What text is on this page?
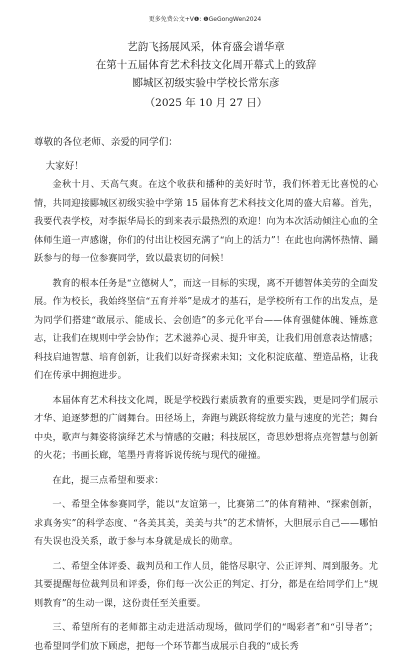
更多免费公文+V❶: ❶GeGongWen2024
艺韵飞扬展风采，体育盛会谱华章
在第十五届体育艺术科技文化周开幕式上的致辞
郾城区初级实验中学校长常东彦
（2025 年 10 月 27 日）
尊敬的各位老师、亲爱的同学们：
大家好！

金秋十月、天高气爽。在这个收获和播种的美好时节，我们怀着无比喜悦的心情，共同迎接郾城区初级实验中学第 15 届体育艺术科技文化周的盛大启幕。首先，我要代表学校，对李振华局长的到来表示最热烈的欢迎！向为本次活动倾注心血的全体师生道一声感谢，你们的付出让校园充满了“向上的活力”！在此也向满怀热情、踊跃参与的每一位参赛同学，致以最衷切的问候！

教育的根本任务是“立德树人”，而这一目标的实现，离不开德智体美劳的全面发展。作为校长，我始终坚信“五育并举”是成才的基石，是学校所有工作的出发点，是为同学们搭建“敢展示、能成长、会创造”的多元化平台——体育强健体魄、锤炼意志，让我们在规则中学会协作；艺术滋养心灵、提升审美，让我们用创意表达情感；科技启迪智慧、培育创新，让我们以好奇探索未知；文化积淀底蕴、塑造品格，让我们在传承中拥抱进步。

本届体育艺术科技文化周，既是学校践行素质教育的重要实践，更是同学们展示才华、追逐梦想的广阔舞台。田径场上，奔跑与跳跃将绽放力量与速度的光芒；舞台中央，歌声与舞姿将演绎艺术与情感的交融；科技展区，奇思妙想将点亮智慧与创新的火花；书画长廊，笔墨丹青将诉说传统与现代的碰撞。

在此，提三点希望和要求：

一、希望全体参赛同学，能以“友谊第一，比赛第二”的体育精神、“探索创新，求真务实”的科学态度、“各美其美，美美与共”的艺术情怀，大胆展示自己——哪怕有失误也没关系，敢于参与本身就是成长的勋章。

二、希望全体评委、裁判员和工作人员，能恪尽职守、公正评判、周到服务。尤其要提醒每位裁判员和评委，你们每一次公正的判定、打分，都是在给同学们上“规则教育”的生动一课，这份责任至关重要。

三、希望所有的老师都主动走进活动现场，做同学们的“喝彩者”和“引导者”；也希望同学们放下顾虑，把每一个环节都当成展示自我的“成长秀
